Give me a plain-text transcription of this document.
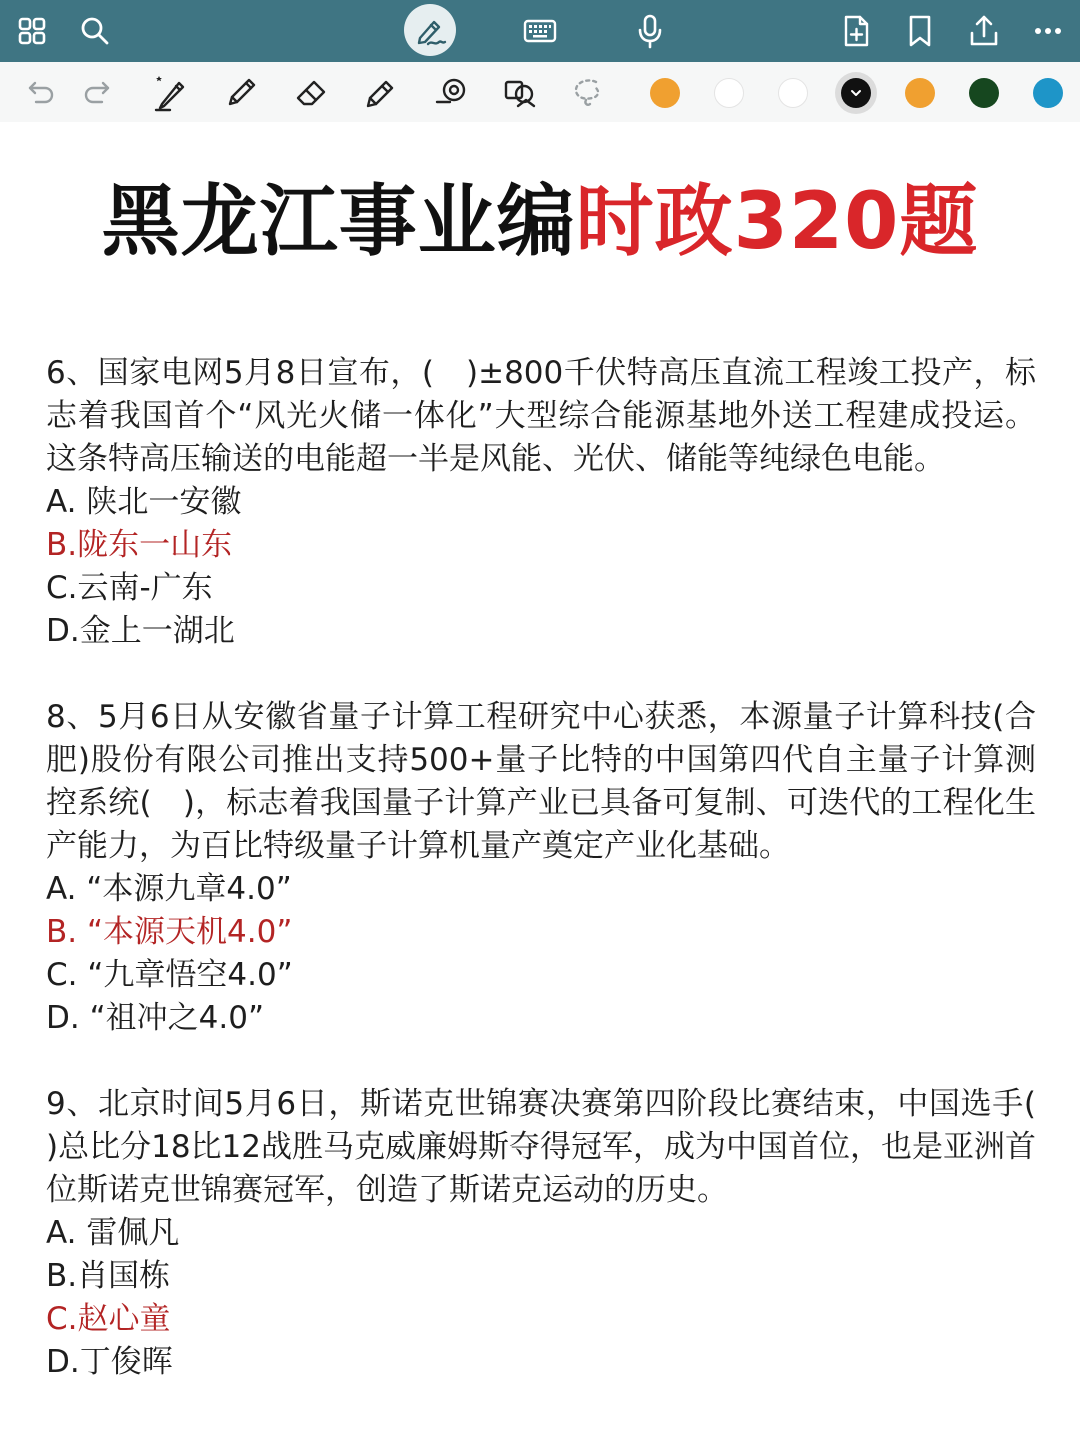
黑龙江事业编时政320题

6、国家电网5月8日宣布，(　)±800千伏特高压直流工程竣工投产，标志着我国首个“风光火储一体化”大型综合能源基地外送工程建成投运。这条特高压输送的电能超一半是风能、光伏、储能等纯绿色电能。

A. 陕北一安徽
B.陇东一山东
C.云南-广东
D.金上一湖北

8、5月6日从安徽省量子计算工程研究中心获悉，本源量子计算科技(合肥)股份有限公司推出支持500+量子比特的中国第四代自主量子计算测控系统(　)，标志着我国量子计算产业已具备可复制、可迭代的工程化生产能力，为百比特级量子计算机量产奠定产业化基础。

A. “本源九章4.0”
B. “本源天机4.0”
C. “九章悟空4.0”
D. “祖冲之4.0”

9、北京时间5月6日，斯诺克世锦赛决赛第四阶段比赛结束，中国选手(　 )总比分18比12战胜马克威廉姆斯夺得冠军，成为中国首位，也是亚洲首位斯诺克世锦赛冠军，创造了斯诺克运动的历史。

A. 雷佩凡
B.肖国栋
C.赵心童
D.丁俊晖
